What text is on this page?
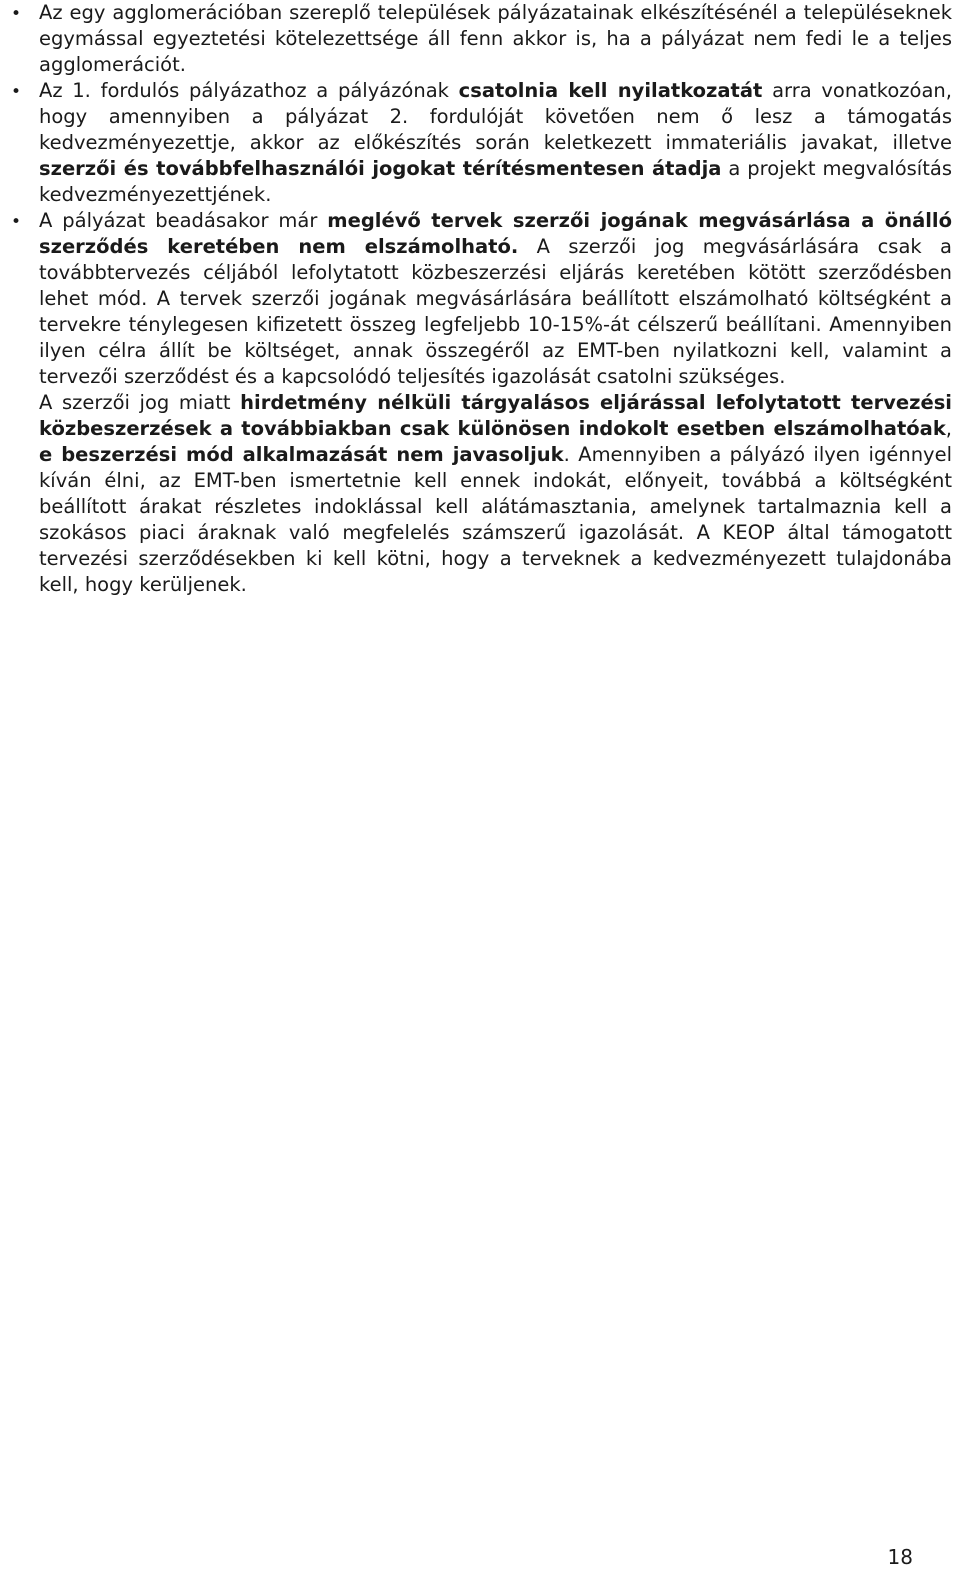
•
Az egy agglomerációban szereplő települések pályázatainak elkészítésénél a településeknek egymással egyeztetési kötelezettsége áll fenn akkor is, ha a pályázat nem fedi le a teljes agglomerációt.
•
Az 1. fordulós pályázathoz a pályázónak csatolnia kell nyilatkozatát arra vonatkozóan, hogy amennyiben a pályázat 2. fordulóját követően nem ő lesz a támogatás kedvezményezettje, akkor az előkészítés során keletkezett immateriális javakat, illetve szerzői és továbbfelhasználói jogokat térítésmentesen átadja a projekt megvalósítás kedvezményezettjének.
•
A pályázat beadásakor már meglévő tervek szerzői jogának megvásárlása a önálló szerződés keretében nem elszámolható. A szerzői jog megvásárlására csak a továbbtervezés céljából lefolytatott közbeszerzési eljárás keretében kötött szerződésben lehet mód. A tervek szerzői jogának megvásárlására beállított elszámolható költségként a tervekre ténylegesen kifizetett összeg legfeljebb 10-15%-át célszerű beállítani. Amennyiben ilyen célra állít be költséget, annak összegéről az EMT-ben nyilatkozni kell, valamint a tervezői szerződést és a kapcsolódó teljesítés igazolását csatolni szükséges.
A szerzői jog miatt hirdetmény nélküli tárgyalásos eljárással lefolytatott tervezési közbeszerzések a továbbiakban csak különösen indokolt esetben elszámolhatóak, e beszerzési mód alkalmazását nem javasoljuk. Amennyiben a pályázó ilyen igénnyel kíván élni, az EMT-ben ismertetnie kell ennek indokát, előnyeit, továbbá a költségként beállított árakat részletes indoklással kell alátámasztania, amelynek tartalmaznia kell a szokásos piaci áraknak való megfelelés számszerű igazolását. A KEOP által támogatott tervezési szerződésekben ki kell kötni, hogy a terveknek a kedvezményezett tulajdonába kell, hogy kerüljenek.
18
